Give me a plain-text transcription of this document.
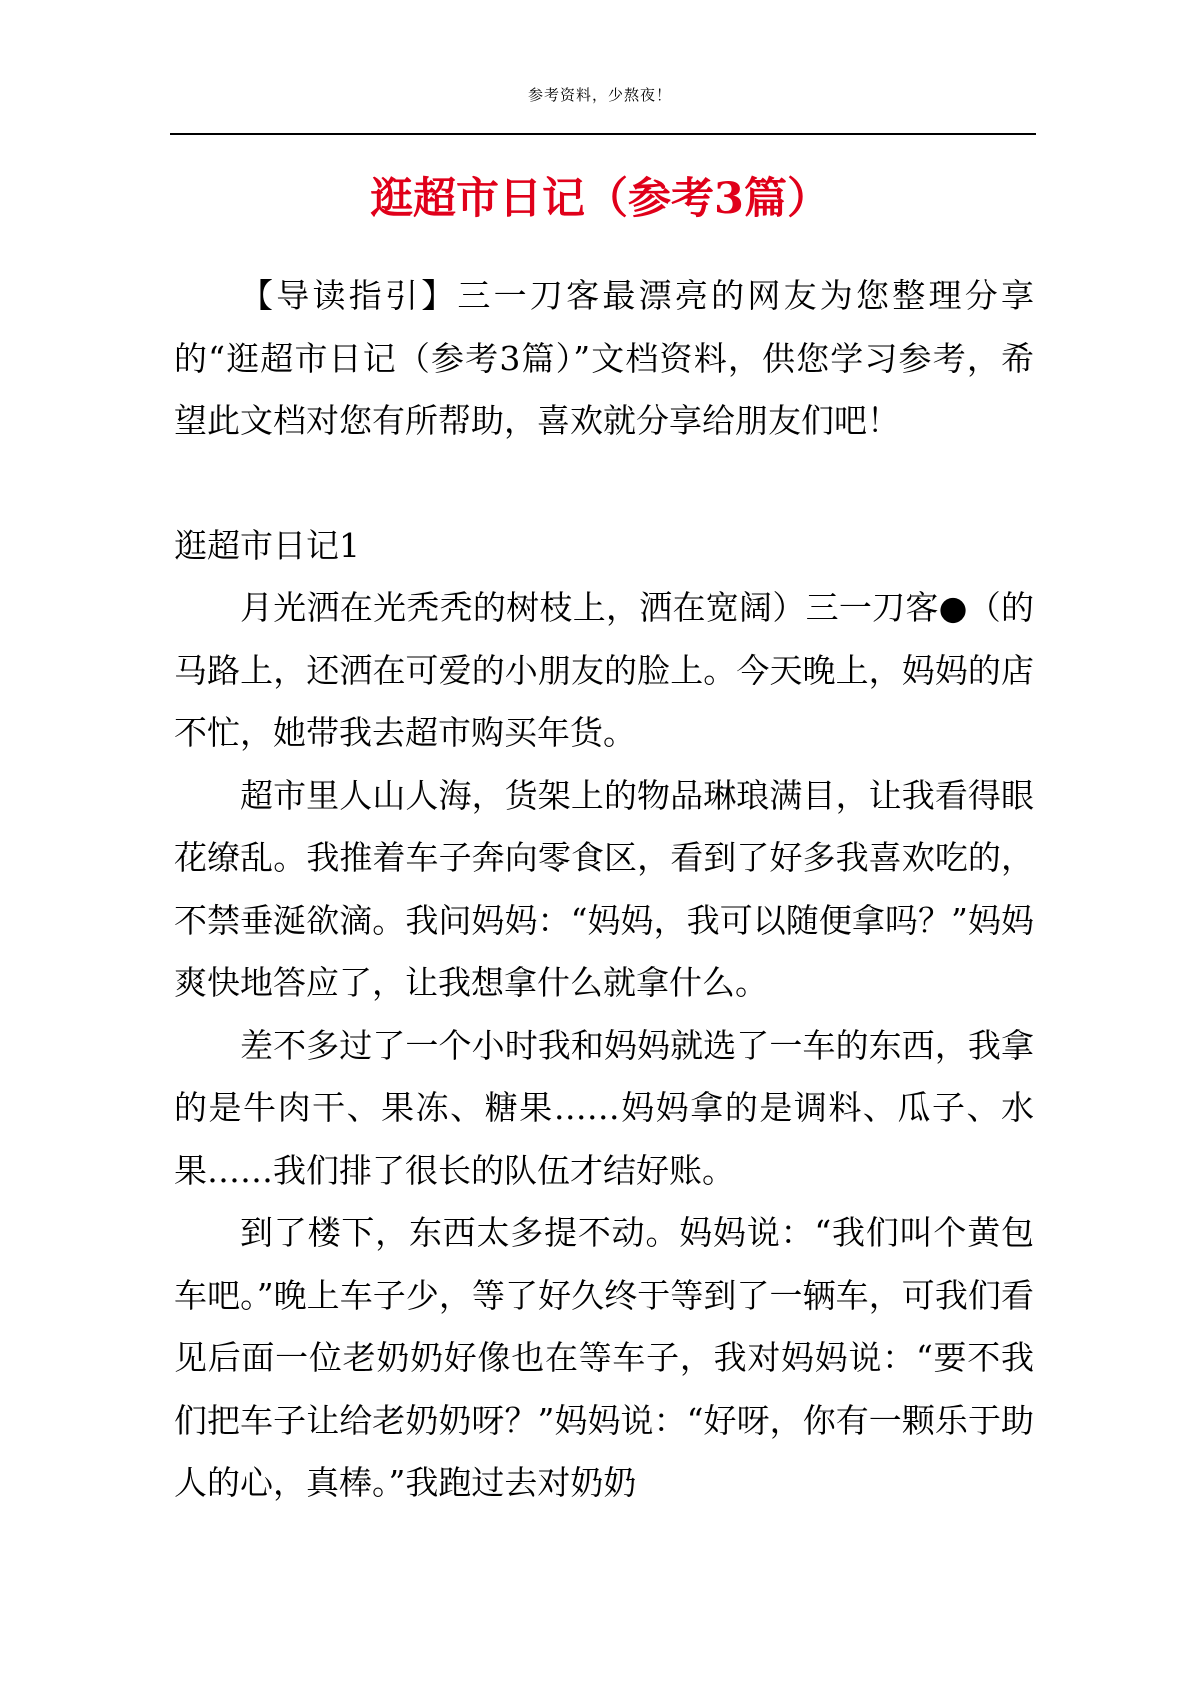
参考资料，少熬夜！
逛超市日记（参考3篇）

【导读指引】三一刀客最漂亮的网友为您整理分享的“逛超市日记（参考3篇）”文档资料，供您学习参考，希望此文档对您有所帮助，喜欢就分享给朋友们吧！

逛超市日记1

月光洒在光秃秃的树枝上，洒在宽阔）三一刀客●（的马路上，还洒在可爱的小朋友的脸上。今天晚上，妈妈的店不忙，她带我去超市购买年货。

超市里人山人海，货架上的物品琳琅满目，让我看得眼花缭乱。我推着车子奔向零食区，看到了好多我喜欢吃的，不禁垂涎欲滴。我问妈妈：“妈妈，我可以随便拿吗？”妈妈爽快地答应了，让我想拿什么就拿什么。

差不多过了一个小时我和妈妈就选了一车的东西，我拿的是牛肉干、果冻、糖果……妈妈拿的是调料、瓜子、水果……我们排了很长的队伍才结好账。

到了楼下，东西太多提不动。妈妈说：“我们叫个黄包车吧。”晚上车子少，等了好久终于等到了一辆车，可我们看见后面一位老奶奶好像也在等车子，我对妈妈说：“要不我们把车子让给老奶奶呀？”妈妈说：“好呀，你有一颗乐于助人的心，真棒。”我跑过去对奶奶
